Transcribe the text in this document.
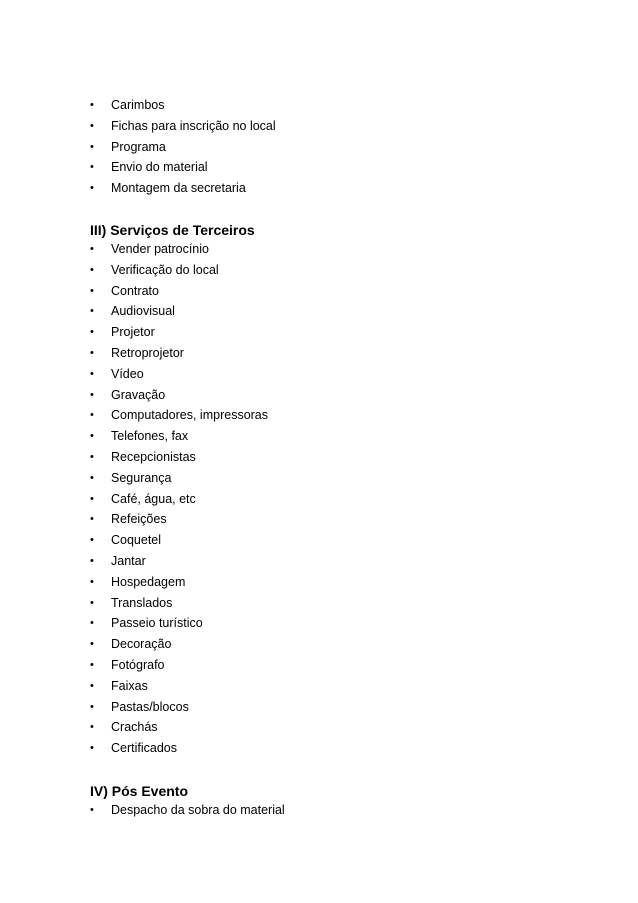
•	Carimbos
•	Fichas para inscrição no local
•	Programa
•	Envio do material
•	Montagem da secretaria
III) Serviços de Terceiros
•	Vender patrocínio
•	Verificação do local
•	Contrato
•	Audiovisual
•	Projetor
•	Retroprojetor
•	Vídeo
•	Gravação
•	Computadores, impressoras
•	Telefones, fax
•	Recepcionistas
•	Segurança
•	Café, água, etc
•	Refeições
•	Coquetel
•	Jantar
•	Hospedagem
•	Translados
•	Passeio turístico
•	Decoração
•	Fotógrafo
•	Faixas
•	Pastas/blocos
•	Crachás
•	Certificados
IV) Pós Evento
•	Despacho da sobra do material
